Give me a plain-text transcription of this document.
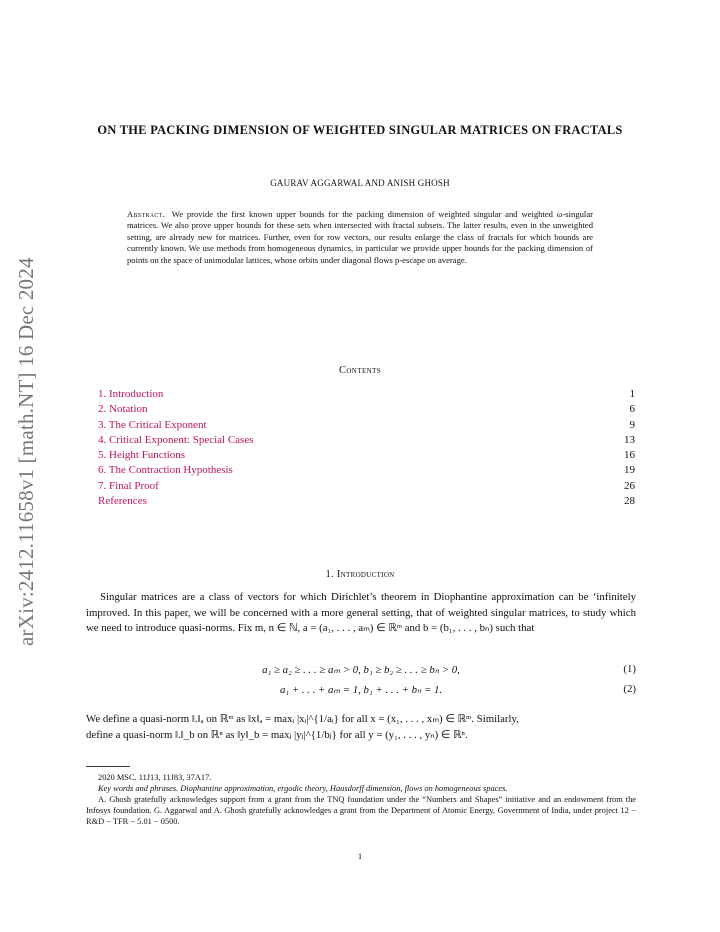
arXiv:2412.11658v1 [math.NT] 16 Dec 2024
ON THE PACKING DIMENSION OF WEIGHTED SINGULAR MATRICES ON FRACTALS
GAURAV AGGARWAL AND ANISH GHOSH
Abstract. We provide the first known upper bounds for the packing dimension of weighted singular and weighted ω-singular matrices. We also prove upper bounds for these sets when intersected with fractal subsets. The latter results, even in the unweighted setting, are already new for matrices. Further, even for row vectors, our results enlarge the class of fractals for which bounds are currently known. We use methods from homogeneous dynamics, in particular we provide upper bounds for the packing dimension of points on the space of unimodular lattices, whose orbits under diagonal flows p-escape on average.
Contents
1. Introduction	1
2. Notation	6
3. The Critical Exponent	9
4. Critical Exponent: Special Cases	13
5. Height Functions	16
6. The Contraction Hypothesis	19
7. Final Proof	26
References	28
1. Introduction
Singular matrices are a class of vectors for which Dirichlet’s theorem in Diophantine approximation can be ‘infinitely improved. In this paper, we will be concerned with a more general setting, that of weighted singular matrices, to study which we need to introduce quasi-norms. Fix m, n ∈ ℕ, a = (a₁, . . . , aₘ) ∈ ℝᵐ and b = (b₁, . . . , bₙ) such that
a₁ ≥ a₂ ≥ . . . ≥ aₘ > 0, b₁ ≥ b₂ ≥ . . . ≥ bₙ > 0,	(1)
a₁ + . . . + aₘ = 1, b₁ + . . . + bₙ = 1.	(2)
We define a quasi-norm ‖.‖ₐ on ℝᵐ as ‖x‖ₐ = maxᵢ |xᵢ|^{1/aᵢ} for all x = (x₁, . . . , xₘ) ∈ ℝᵐ. Similarly,
define a quasi-norm ‖.‖_b on ℝⁿ as ‖y‖_b = maxⱼ |yⱼ|^{1/bⱼ} for all y = (y₁, . . . , yₙ) ∈ ℝⁿ.

2020 MSC. 11J13, 11J83, 37A17.

Key words and phrases. Diophantine approximation, ergodic theory, Hausdorff dimension, flows on homogeneous spaces.

A. Ghosh gratefully acknowledges support from a grant from the TNQ foundation under the “Numbers and Shapes” initiative and an endowment from the Infosys foundation. G. Aggarwal and A. Ghosh gratefully acknowledges a grant from the Department of Atomic Energy, Government of India, under project 12 − R&D − TFR − 5.01 − 0500.

1
